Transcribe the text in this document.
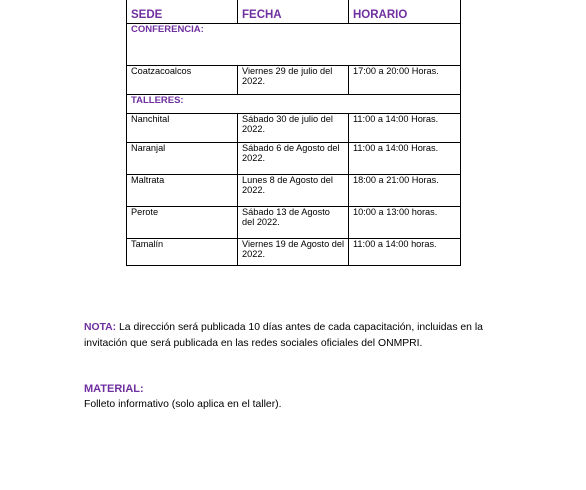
SEDE	FECHA	HORARIO
CONFERENCIA:		
Coatzacoalcos	Viernes 29 de julio del 2022.	17:00 a 20:00 Horas.
TALLERES:		
Nanchital	Sábado 30 de julio del 2022.	11:00 a 14:00 Horas.
Naranjal	Sábado 6 de Agosto del 2022.	11:00 a 14:00 Horas.
Maltrata	Lunes 8 de Agosto del 2022.	18:00 a 21:00 Horas.
Perote	Sábado 13 de Agosto del 2022.	10:00 a 13:00 horas.
Tamalín	Viernes 19 de Agosto del 2022.	11:00 a 14:00 horas.
NOTA: La dirección será publicada 10 días antes de cada capacitación, incluidas en la invitación que será publicada en las redes sociales oficiales del ONMPRI.
MATERIAL:
Folleto informativo (solo aplica en el taller).
